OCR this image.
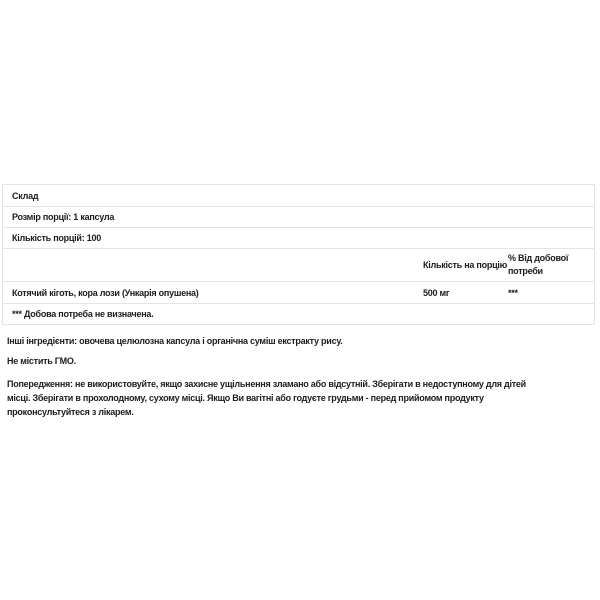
Склад
Розмір порції: 1 капсула
Кількість порцій: 100
Кількість на порцію
% Від добової потреби
Котячий кіготь, кора лози (Ункарія опушена)	500 мг	***
*** Добова потреба не визначена.
Інші інгредієнти: овочева целюлозна капсула і органічна суміш екстракту рису.
Не містить ГМО.
Попередження: не використовуйте, якщо захисне ущільнення зламано або відсутній. Зберігати в недоступному для дітей
місці. Зберігати в прохолодному, сухому місці. Якщо Ви вагітні або годуєте грудьми - перед прийомом продукту
проконсультуйтеся з лікарем.
